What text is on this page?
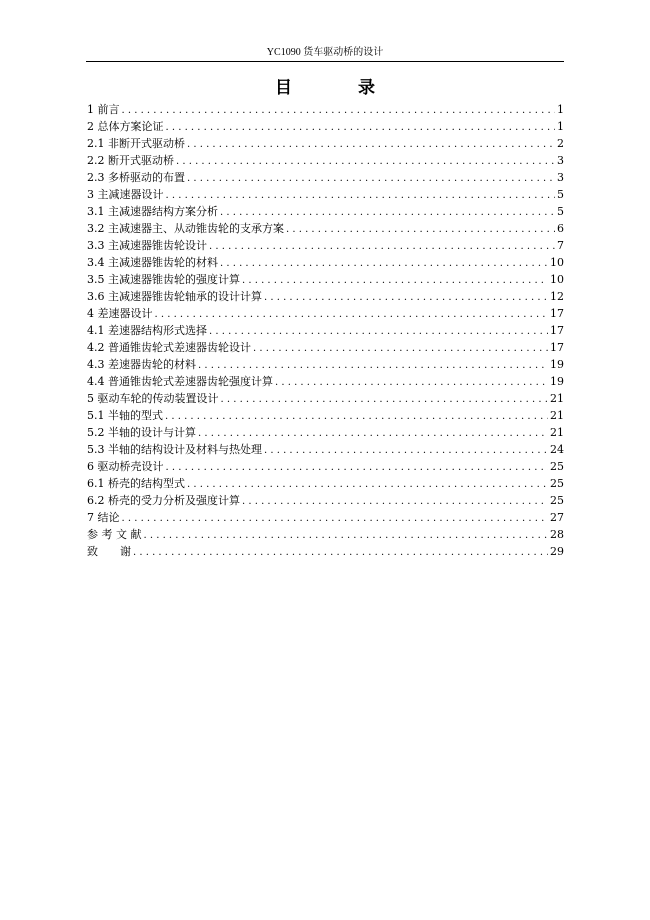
YC1090 货车驱动桥的设计
目 录
1 前言 . . .	1
2 总体方案论证 . . .	1
2.1 非断开式驱动桥 . . .	2
2.2 断开式驱动桥 . . .	3
2.3 多桥驱动的布置 . . .	3
3 主减速器设计 . . .	5
3.1 主减速器结构方案分析 . . .	5
3.2 主减速器主、从动锥齿轮的支承方案 . . .	6
3.3 主减速器锥齿轮设计 . . .	7
3.4 主减速器锥齿轮的材料 . . .	10
3.5 主减速器锥齿轮的强度计算 . . .	10
3.6 主减速器锥齿轮轴承的设计计算 . . .	12
4 差速器设计 . . .	17
4.1 差速器结构形式选择 . . .	17
4.2 普通锥齿轮式差速器齿轮设计 . . .	17
4.3 差速器齿轮的材料 . . .	19
4.4 普通锥齿轮式差速器齿轮强度计算 . . .	19
5 驱动车轮的传动装置设计 . . .	21
5.1 半轴的型式 . . .	21
5.2 半轴的设计与计算 . . .	21
5.3 半轴的结构设计及材料与热处理 . . .	24
6 驱动桥壳设计 . . .	25
6.1 桥壳的结构型式 . . .	25
6.2 桥壳的受力分析及强度计算 . . .	25
7 结论 . . .	27
参 考 文 献 . . .	28
致　　谢 . . .	29
